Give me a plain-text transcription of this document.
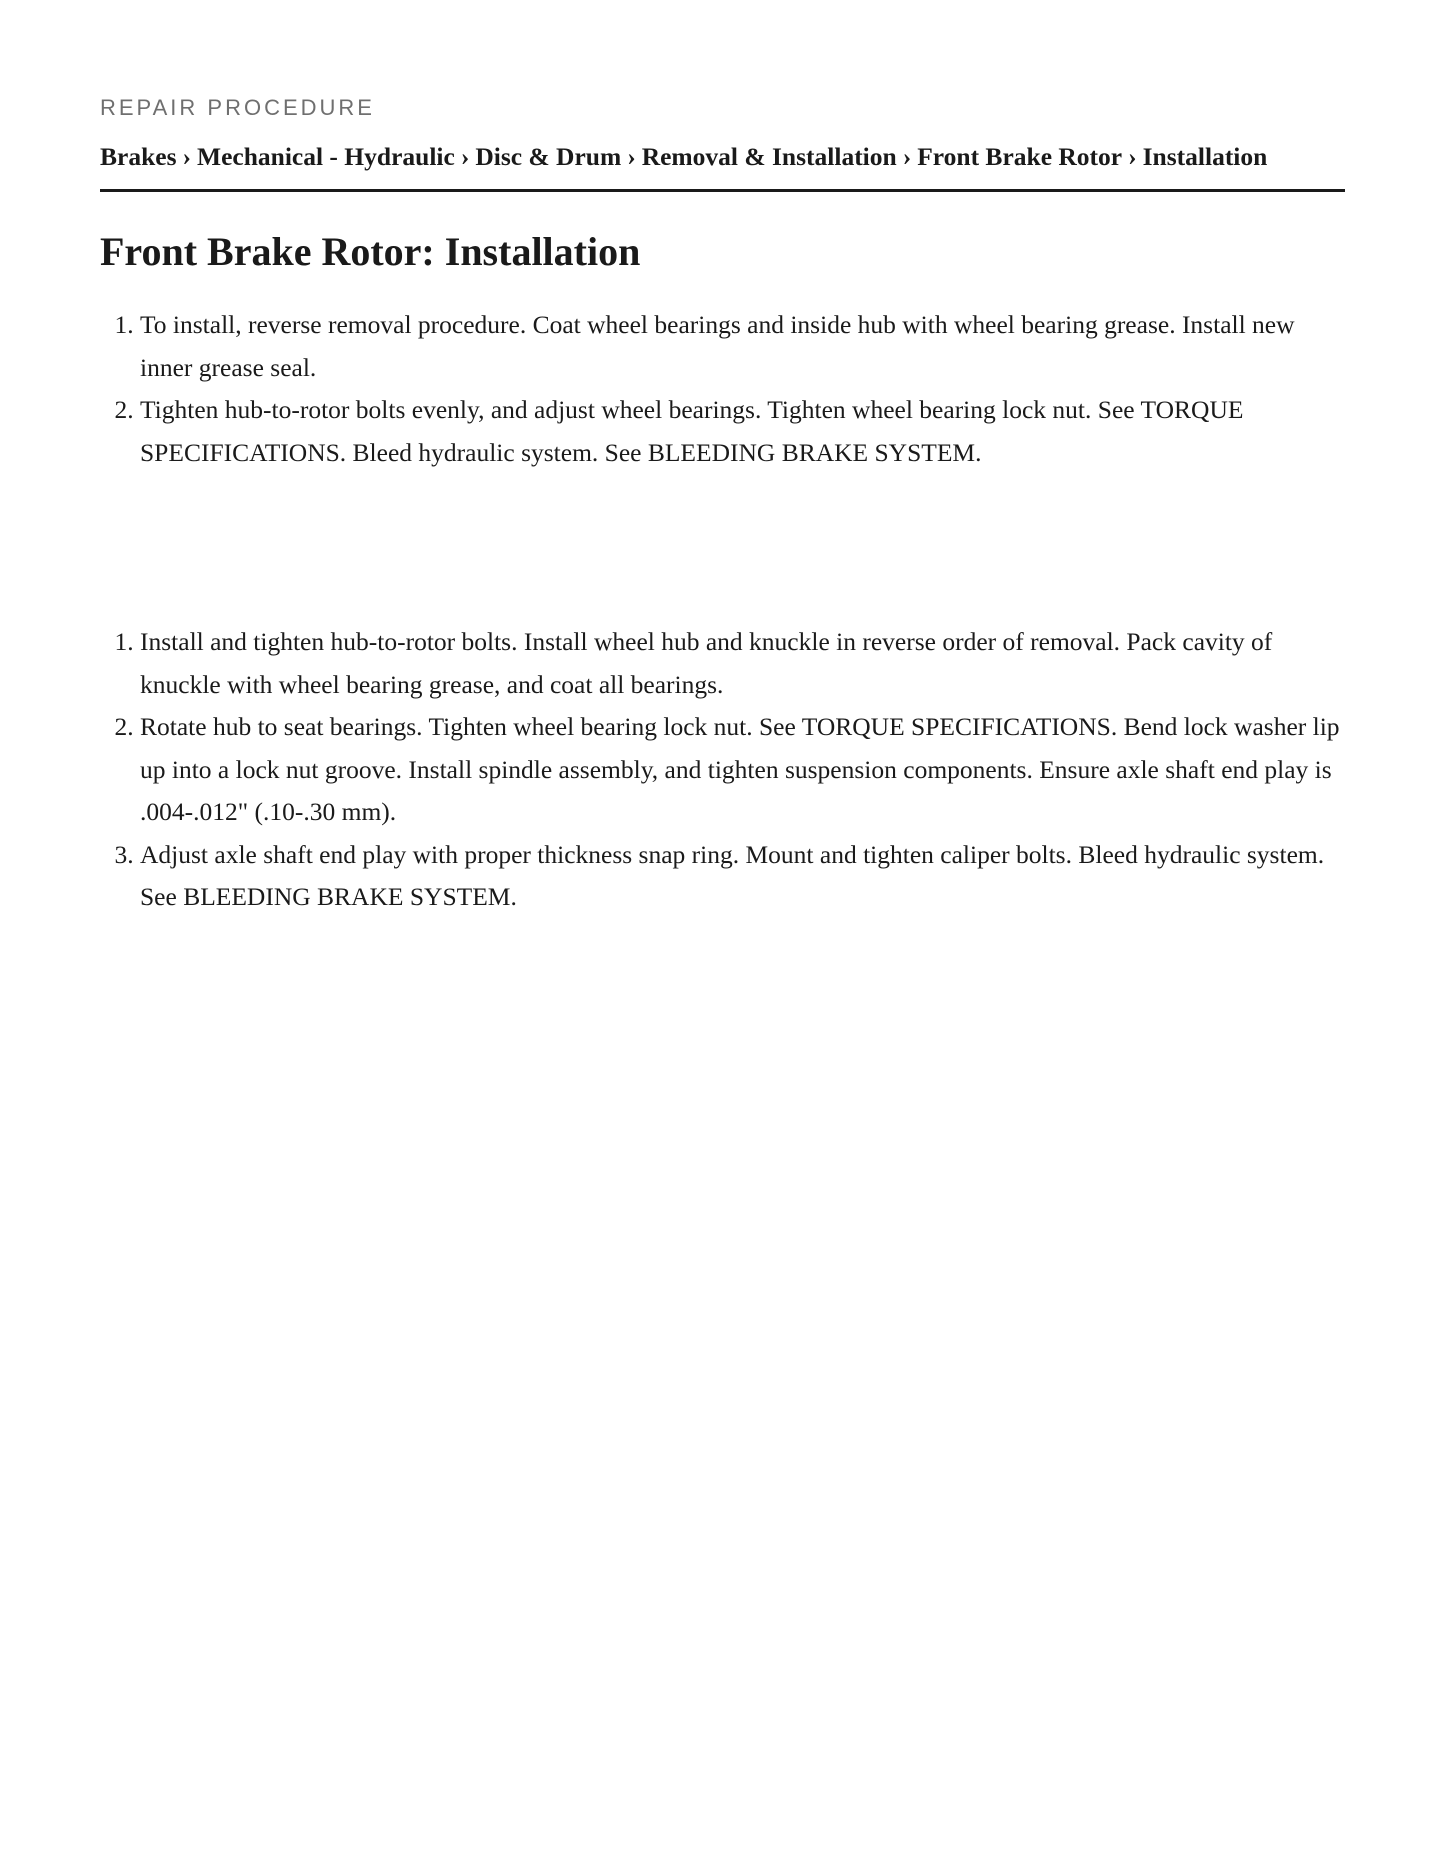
REPAIR PROCEDURE
Brakes › Mechanical - Hydraulic › Disc & Drum › Removal & Installation › Front Brake Rotor › Installation
Front Brake Rotor: Installation
1. To install, reverse removal procedure. Coat wheel bearings and inside hub with wheel bearing grease. Install new inner grease seal.
2. Tighten hub-to-rotor bolts evenly, and adjust wheel bearings. Tighten wheel bearing lock nut. See TORQUE SPECIFICATIONS. Bleed hydraulic system. See BLEEDING BRAKE SYSTEM.
1. Install and tighten hub-to-rotor bolts. Install wheel hub and knuckle in reverse order of removal. Pack cavity of knuckle with wheel bearing grease, and coat all bearings.
2. Rotate hub to seat bearings. Tighten wheel bearing lock nut. See TORQUE SPECIFICATIONS. Bend lock washer lip up into a lock nut groove. Install spindle assembly, and tighten suspension components. Ensure axle shaft end play is .004-.012" (.10-.30 mm).
3. Adjust axle shaft end play with proper thickness snap ring. Mount and tighten caliper bolts. Bleed hydraulic system. See BLEEDING BRAKE SYSTEM.
